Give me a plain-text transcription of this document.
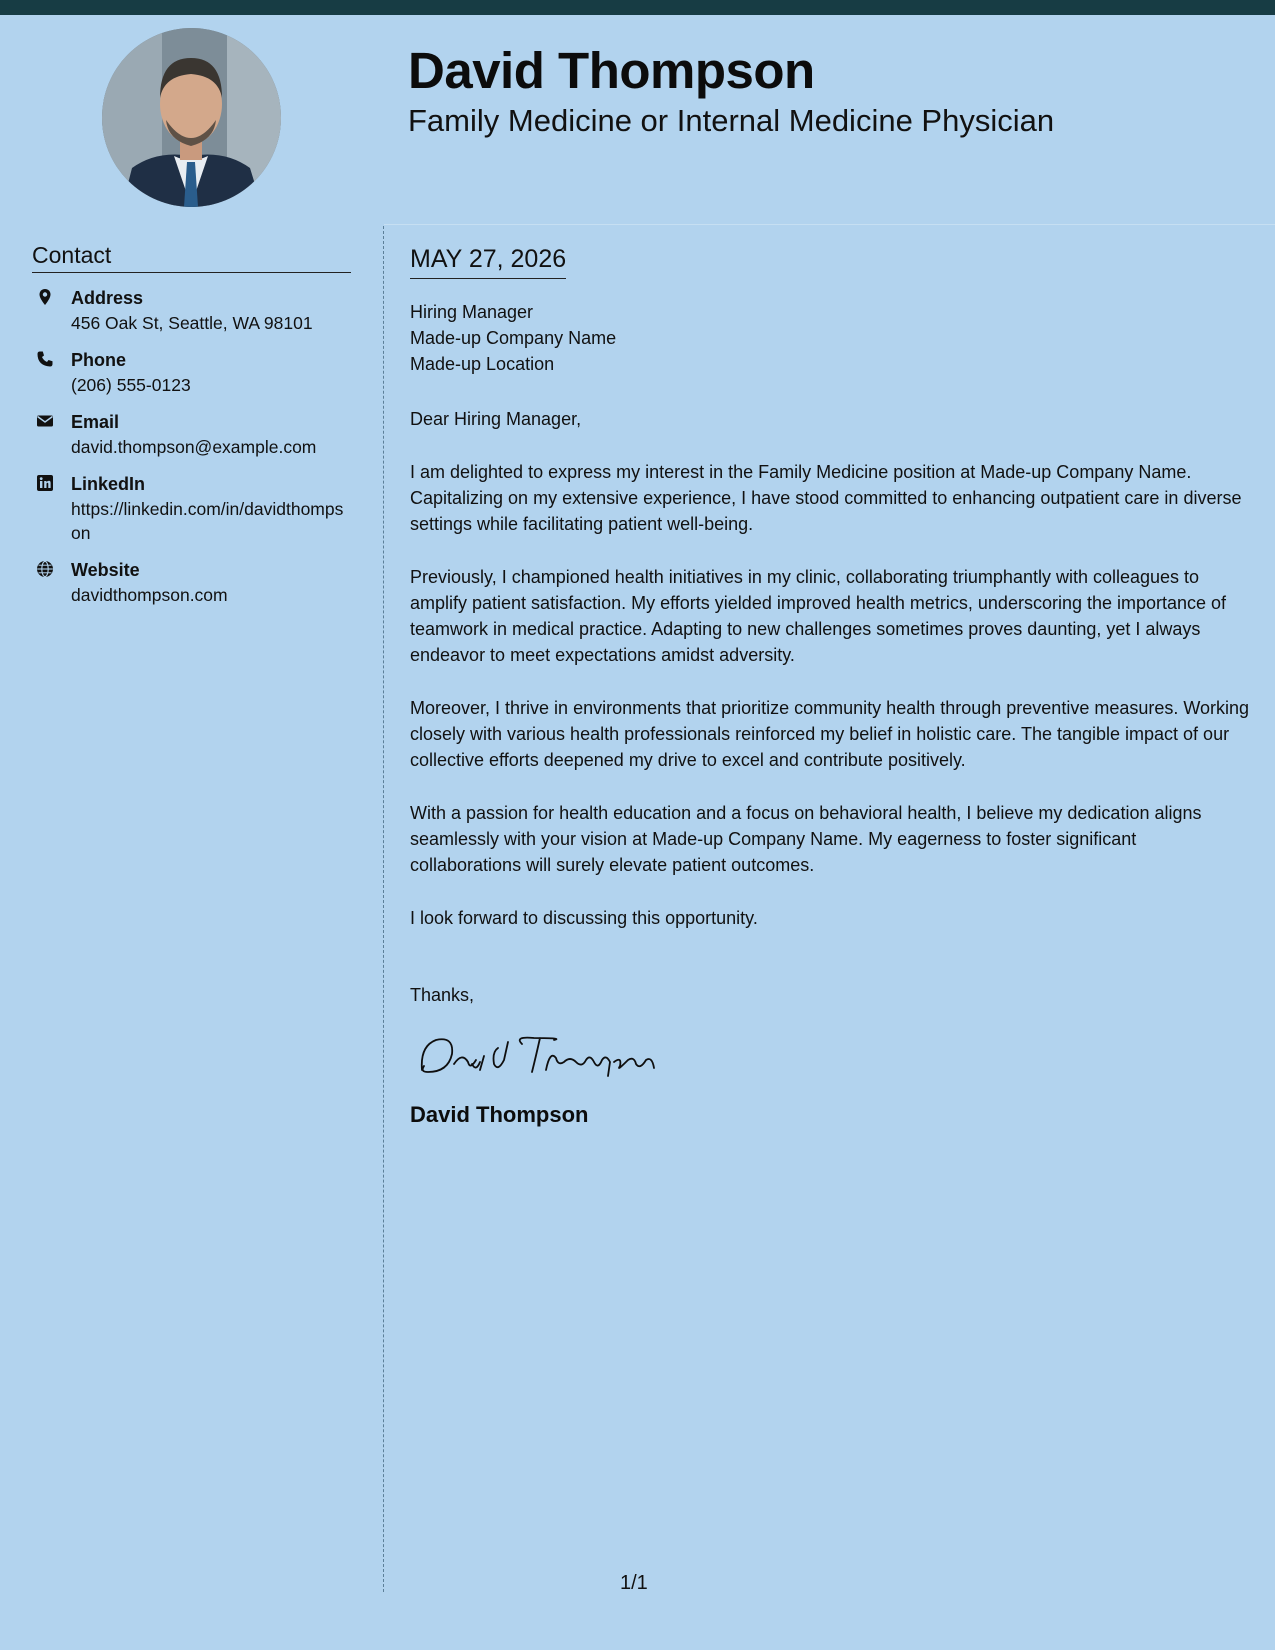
David Thompson
Family Medicine or Internal Medicine Physician
Contact
Address
456 Oak St, Seattle, WA 98101
Phone
(206) 555-0123
Email
david.thompson@example.com
LinkedIn
https://linkedin.com/in/davidthompson
Website
davidthompson.com
MAY 27, 2026
Hiring Manager
Made-up Company Name
Made-up Location
Dear Hiring Manager,

I am delighted to express my interest in the Family Medicine position at Made-up Company Name. Capitalizing on my extensive experience, I have stood committed to enhancing outpatient care in diverse settings while facilitating patient well-being.

Previously, I championed health initiatives in my clinic, collaborating triumphantly with colleagues to amplify patient satisfaction. My efforts yielded improved health metrics, underscoring the importance of teamwork in medical practice. Adapting to new challenges sometimes proves daunting, yet I always endeavor to meet expectations amidst adversity.

Moreover, I thrive in environments that prioritize community health through preventive measures. Working closely with various health professionals reinforced my belief in holistic care. The tangible impact of our collective efforts deepened my drive to excel and contribute positively.

With a passion for health education and a focus on behavioral health, I believe my dedication aligns seamlessly with your vision at Made-up Company Name. My eagerness to foster significant collaborations will surely elevate patient outcomes.

I look forward to discussing this opportunity.
Thanks,
David Thompson
1/1
